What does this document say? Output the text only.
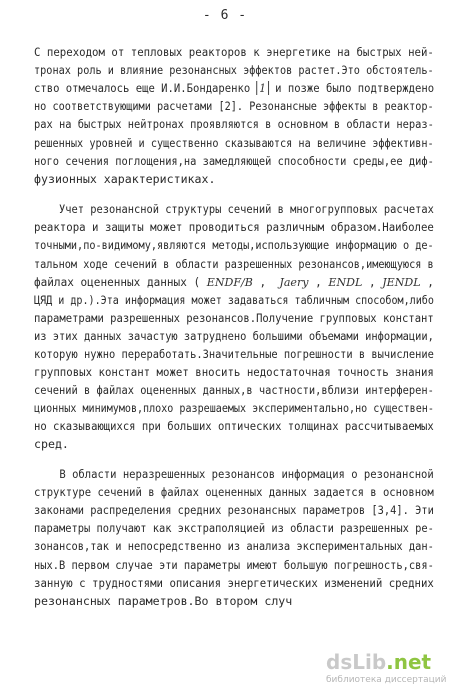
- 6 -
С переходом от тепловых реакторов к энергетике на быстрых ней-
тронах роль и влияние резонансных эффектов растет.Это обстоятель-
ство отмечалось еще И.И.Бондаренко 1 и позже было подтверждено
но соответствующими расчетами [2]. Резонансные эффекты в реактор-
рах на быстрых нейтронах проявляются в основном в области нераз-
решенных уровней и существенно сказываются на величине эффективн-
ного сечения поглощения,на замедляющей способности среды,ее диф-
фузионных характеристиках.
Учет резонансной структуры сечений в многогрупповых расчетах
реактора и защиты может проводиться различным образом.Наиболее
точными,по-видимому,являются методы,использующие информацию о де-
тальном ходе сечений в области разрешенных резонансов,имеющуюся в
файлах оцененных данных ( ENDF/B ,  Jaery , ENDL , JENDL ,
ЦЯД и др.).Эта информация может задаваться табличным способом,либо
параметрами разрешенных резонансов.Получение групповых констант
из этих данных зачастую затруднено большими объемами информации,
которую нужно переработать.Значительные погрешности в вычисление
групповых констант может вносить недостаточная точность знания
сечений в файлах оцененных данных,в частности,вблизи интерферен-
ционных минимумов,плохо разрешаемых экспериментально,но существен-
но сказывающихся при больших оптических толщинах рассчитываемых
сред.
В области неразрешенных резонансов информация о резонансной
структуре сечений в файлах оцененных данных задается в основном
законами распределения средних резонансных параметров [3,4]. Эти
параметры получают как экстраполяцией из области разрешенных ре-
зонансов,так и непосредственно из анализа экспериментальных дан-
ных.В первом случае эти параметры имеют большую погрешность,свя-
занную с трудностями описания энергетических изменений средних
резонансных параметров.Во втором случ
dsLib.net
библиотека диссертаций
